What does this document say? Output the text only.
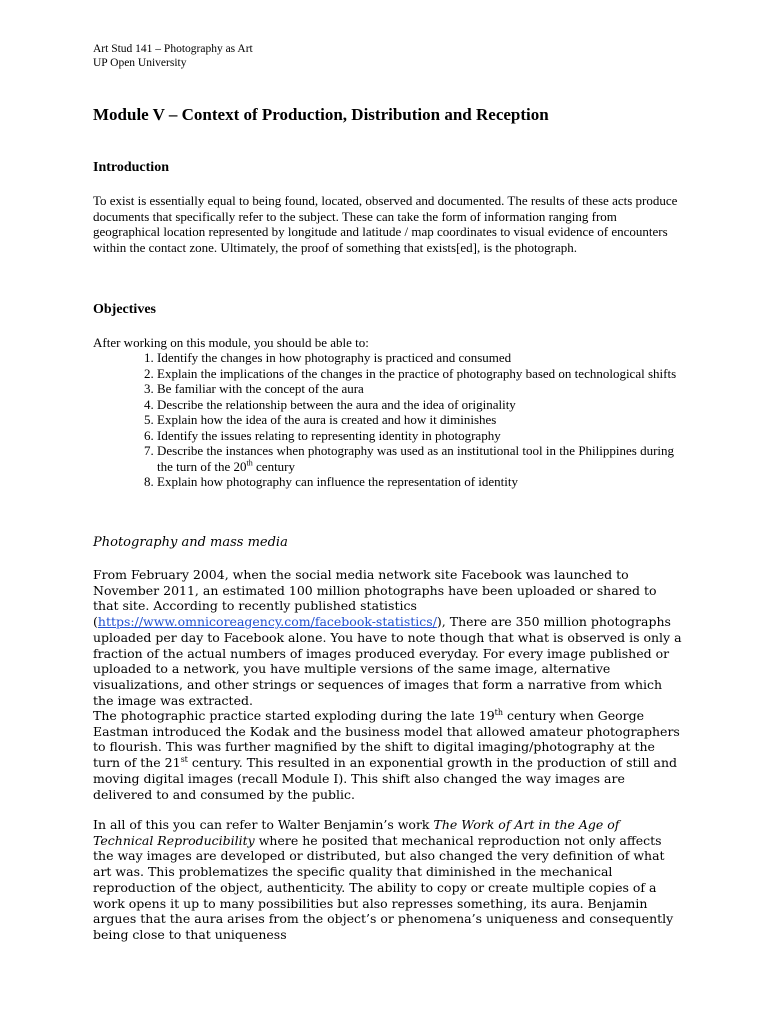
Art Stud 141 – Photography as Art
UP Open University
Module V – Context of Production, Distribution and Reception
Introduction
To exist is essentially equal to being found, located, observed and documented. The results of these acts produce documents that specifically refer to the subject. These can take the form of information ranging from geographical location represented by longitude and latitude / map coordinates to visual evidence of encounters within the contact zone. Ultimately, the proof of something that exists[ed], is the photograph.
Objectives
After working on this module, you should be able to:
1. Identify the changes in how photography is practiced and consumed
2. Explain the implications of the changes in the practice of photography based on technological shifts
3. Be familiar with the concept of the aura
4. Describe the relationship between the aura and the idea of originality
5. Explain how the idea of the aura is created and how it diminishes
6. Identify the issues relating to representing identity in photography
7. Describe the instances when photography was used as an institutional tool in the Philippines during the turn of the 20th century
8. Explain how photography can influence the representation of identity
Photography and mass media
From February 2004, when the social media network site Facebook was launched to November 2011, an estimated 100 million photographs have been uploaded or shared to that site. According to recently published statistics (https://www.omnicoreagency.com/facebook-statistics/), There are 350 million photographs uploaded per day to Facebook alone. You have to note though that what is observed is only a fraction of the actual numbers of images produced everyday. For every image published or uploaded to a network, you have multiple versions of the same image, alternative visualizations, and other strings or sequences of images that form a narrative from which the image was extracted.
The photographic practice started exploding during the late 19th century when George Eastman introduced the Kodak and the business model that allowed amateur photographers to flourish. This was further magnified by the shift to digital imaging/photography at the turn of the 21st century. This resulted in an exponential growth in the production of still and moving digital images (recall Module I). This shift also changed the way images are delivered to and consumed by the public.
In all of this you can refer to Walter Benjamin’s work The Work of Art in the Age of Technical Reproducibility where he posited that mechanical reproduction not only affects the way images are developed or distributed, but also changed the very definition of what art was. This problematizes the specific quality that diminished in the mechanical reproduction of the object, authenticity. The ability to copy or create multiple copies of a work opens it up to many possibilities but also represses something, its aura. Benjamin argues that the aura arises from the object’s or phenomena’s uniqueness and consequently being close to that uniqueness
